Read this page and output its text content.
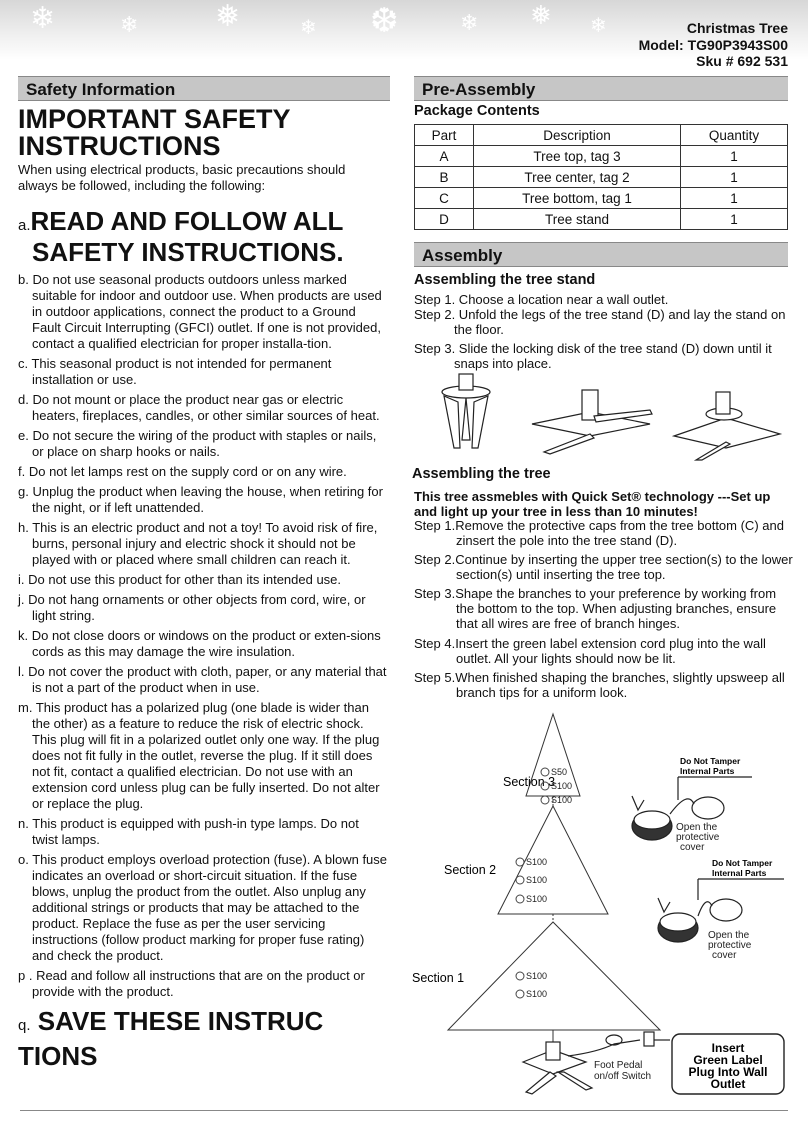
❄	❄	❅	❄ ❆	❄ ❅ ❄	Christmas Tree
Model: TG90P3943S00
Sku # 692 531
Safety Information
IMPORTANT SAFETY INSTRUCTIONS
When using electrical products, basic precautions should always be followed, including the following:
a.READ AND FOLLOW ALL SAFETY INSTRUCTIONS.
b. Do not use seasonal products outdoors unless marked suitable for indoor and outdoor use. When products are used in outdoor applications, connect the product to a Ground Fault Circuit Interrupting (GFCI) outlet. If one is not provided, contact a qualified electrician for proper installa-tion.
c. This seasonal product is not intended for permanent installation or use.
d. Do not mount or place the product near gas or electric heaters, fireplaces, candles, or other similar sources of heat.
e. Do not secure the wiring of the product with staples or nails, or place on sharp hooks or nails.
f. Do not let lamps rest on the supply cord or on any wire.
g. Unplug the product when leaving the house, when retiring for the night, or if left unattended.
h. This is an electric product and not a toy! To avoid risk of fire, burns, personal injury and electric shock it should not be played with or placed where small children can reach it.
i. Do not use this product for other than its intended use.
j. Do not hang ornaments or other objects from cord, wire, or light string.
k. Do not close doors or windows on the product or exten-sions cords as this may damage the wire insulation.
l. Do not cover the product with cloth, paper, or any material that is not a part of the product when in use.
m. This product has a polarized plug (one blade is wider than the other) as a feature to reduce the risk of electric shock. This plug will fit in a polarized outlet only one way. If the plug does not fit fully in the outlet, reverse the plug. If it still does not fit, contact a qualified electrician. Do not use with an extension cord unless plug can be fully inserted. Do not alter or replace the plug.
n. This product is equipped with push-in type lamps. Do not twist lamps.
o. This product employs overload protection (fuse). A blown fuse indicates an overload or short-circuit situation. If the fuse blows, unplug the product from the outlet. Also unplug any additional strings or products that may be attached to the product. Replace the fuse as per the user servicing instructions (follow product marking for proper fuse rating) and check the product.
p . Read and follow all instructions that are on the product or provide with the product.
q. SAVE THESE INSTRUC TIONS
Pre-Assembly
Package Contents
Part	Description	Quantity
A	Tree top, tag 3	1
B	Tree center, tag 2	1
C	Tree bottom, tag 1	1
D	Tree stand	1
Assembly
Assembling the tree stand
Step 1. Choose a location near a wall outlet.
Step 2. Unfold the legs of the tree stand (D) and lay the stand on the floor.
Step 3. Slide the locking disk of the tree stand (D) down until it snaps into place.
Assembling the tree
This tree assmebles with Quick Set® technology ---Set up and light up your tree in less than 10 minutes!
Step 1.Remove the protective caps from the tree bottom (C) and zinsert the pole into the tree stand (D).
Step 2.Continue by inserting the upper tree section(s) to the lower section(s) until inserting the tree top.
Step 3.Shape the branches to your preference by working from the bottom to the top. When adjusting branches, ensure that all wires are free of branch hinges.
Step 4.Insert the green label extension cord plug into the wall outlet. All your lights should now be lit.
Step 5.When finished shaping the branches, slightly upsweep all branch tips for a uniform look.
Section 3
Section 2
Section 1
S50
S100
S100
S100
S100
S100
S100
S100
Do Not Tamper
Internal Parts
Do Not Tamper
Internal Parts
Open the
protective
cover
Open the
protective
cover
Foot Pedal
on/off Switch
Insert
Green Label
Plug Into Wall
Outlet
